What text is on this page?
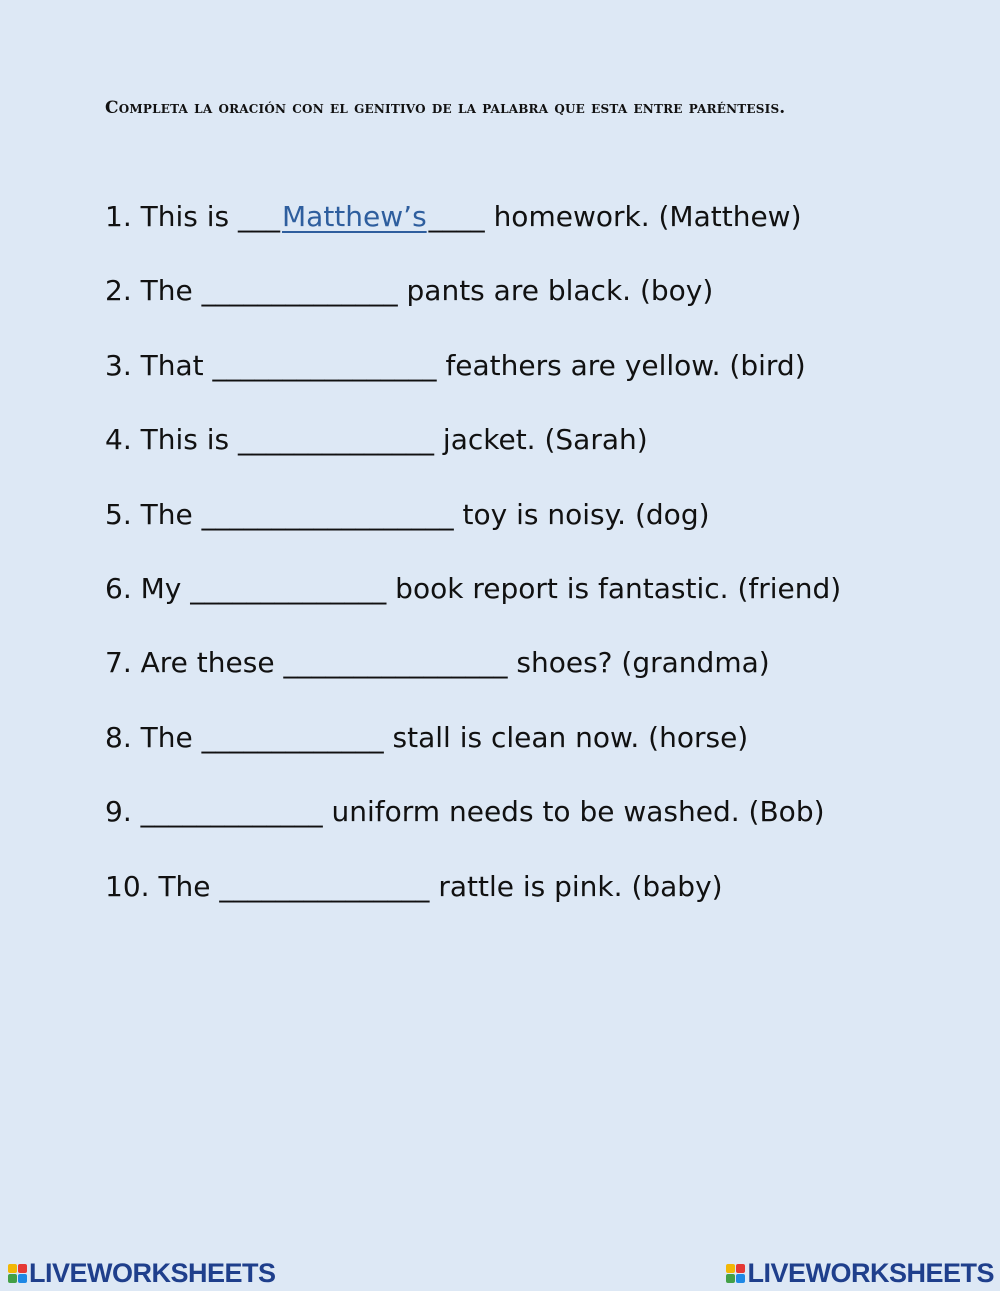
Completa la oración con el genitivo de la palabra que esta entre paréntesis.
1. This is ___Matthew’s____ homework. (Matthew)
2. The ______________ pants are black. (boy)
3. That ________________ feathers are yellow. (bird)
4. This is ______________ jacket. (Sarah)
5. The __________________ toy is noisy. (dog)
6. My ______________ book report is fantastic. (friend)
7. Are these ________________ shoes? (grandma)
8. The _____________ stall is clean now. (horse)
9. _____________ uniform needs to be washed. (Bob)
10. The _______________ rattle is pink. (baby)
LIVEWORKSHEETS	LIVEWORKSHEETS
